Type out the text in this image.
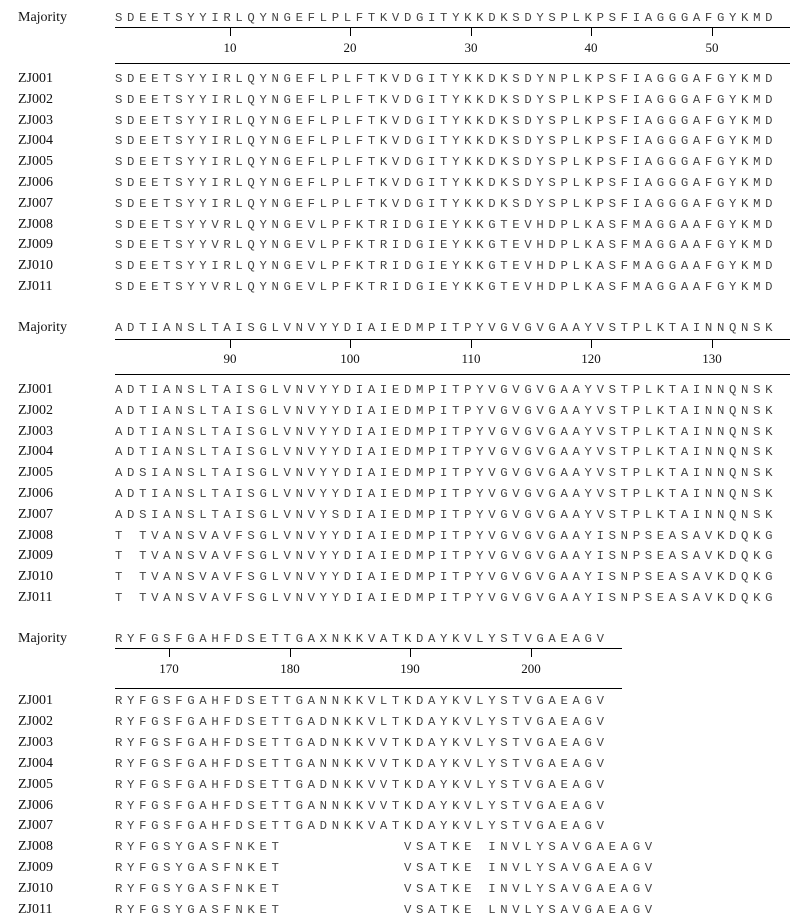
Majority	SDEETSYYIRLQYNGEFLPLFTKVDGITYKKDKSDYSPLKPSFIAGGGAFGYKMD
10	20	30	40	50
ZJ001	SDEETSYYIRLQYNGEFLPLFTKVDGITYKKDKSDYNPLKPSFIAGGGAFGYKMD
ZJ002	SDEETSYYIRLQYNGEFLPLFTKVDGITYKKDKSDYSPLKPSFIAGGGAFGYKMD
ZJ003	SDEETSYYIRLQYNGEFLPLFTKVDGITYKKDKSDYSPLKPSFIAGGGAFGYKMD
ZJ004	SDEETSYYIRLQYNGEFLPLFTKVDGITYKKDKSDYSPLKPSFIAGGGAFGYKMD
ZJ005	SDEETSYYIRLQYNGEFLPLFTKVDGITYKKDKSDYSPLKPSFIAGGGAFGYKMD
ZJ006	SDEETSYYIRLQYNGEFLPLFTKVDGITYKKDKSDYSPLKPSFIAGGGAFGYKMD
ZJ007	SDEETSYYIRLQYNGEFLPLFTKVDGITYKKDKSDYSPLKPSFIAGGGAFGYKMD
ZJ008	SDEETSYYVRLQYNGEVLPFKTRIDGIEYKKGTEVHDPLKASFMAGGAAFGYKMD
ZJ009	SDEETSYYVRLQYNGEVLPFKTRIDGIEYKKGTEVHDPLKASFMAGGAAFGYKMD
ZJ010	SDEETSYYIRLQYNGEVLPFKTRIDGIEYKKGTEVHDPLKASFMAGGAAFGYKMD
ZJ011	SDEETSYYVRLQYNGEVLPFKTRIDGIEYKKGTEVHDPLKASFMAGGAAFGYKMD
Majority	ADTIANSLTAISGLVNVYYDIAIEDMPITPYVGVGVGAAYVSTPLKTAINNQNSK
90	100	110	120	130
ZJ001	ADTIANSLTAISGLVNVYYDIAIEDMPITPYVGVGVGAAYVSTPLKTAINNQNSK
ZJ002	ADTIANSLTAISGLVNVYYDIAIEDMPITPYVGVGVGAAYVSTPLKTAINNQNSK
ZJ003	ADTIANSLTAISGLVNVYYDIAIEDMPITPYVGVGVGAAYVSTPLKTAINNQNSK
ZJ004	ADTIANSLTAISGLVNVYYDIAIEDMPITPYVGVGVGAAYVSTPLKTAINNQNSK
ZJ005	ADSIANSLTAISGLVNVYYDIAIEDMPITPYVGVGVGAAYVSTPLKTAINNQNSK
ZJ006	ADTIANSLTAISGLVNVYYDIAIEDMPITPYVGVGVGAAYVSTPLKTAINNQNSK
ZJ007	ADSIANSLTAISGLVNVYSDIAIEDMPITPYVGVGVGAAYVSTPLKTAINNQNSK
ZJ008	T TVANSVAVFSGLVNVYYDIAIEDMPITPYVGVGVGAAYISNPSEASAVKDQKG
ZJ009	T TVANSVAVFSGLVNVYYDIAIEDMPITPYVGVGVGAAYISNPSEASAVKDQKG
ZJ010	T TVANSVAVFSGLVNVYYDIAIEDMPITPYVGVGVGAAYISNPSEASAVKDQKG
ZJ011	T TVANSVAVFSGLVNVYYDIAIEDMPITPYVGVGVGAAYISNPSEASAVKDQKG
Majority	RYFGSFGAHFDSETTGAXNKKVATKDAYKVLYSTVGAEAGV
170	180	190	200
ZJ001	RYFGSFGAHFDSETTGANNKKVLTKDAYKVLYSTVGAEAGV
ZJ002	RYFGSFGAHFDSETTGADNKKVLTKDAYKVLYSTVGAEAGV
ZJ003	RYFGSFGAHFDSETTGADNKKVVTKDAYKVLYSTVGAEAGV
ZJ004	RYFGSFGAHFDSETTGANNKKVVTKDAYKVLYSTVGAEAGV
ZJ005	RYFGSFGAHFDSETTGADNKKVVTKDAYKVLYSTVGAEAGV
ZJ006	RYFGSFGAHFDSETTGANNKKVVTKDAYKVLYSTVGAEAGV
ZJ007	RYFGSFGAHFDSETTGADNKKVATKDAYKVLYSTVGAEAGV
ZJ008	RYFGSYGASFNKET          VSATKE INVLYSAVGAEAGV
ZJ009	RYFGSYGASFNKET          VSATKE INVLYSAVGAEAGV
ZJ010	RYFGSYGASFNKET          VSATKE INVLYSAVGAEAGV
ZJ011	RYFGSYGASFNKET          VSATKE LNVLYSAVGAEAGV
